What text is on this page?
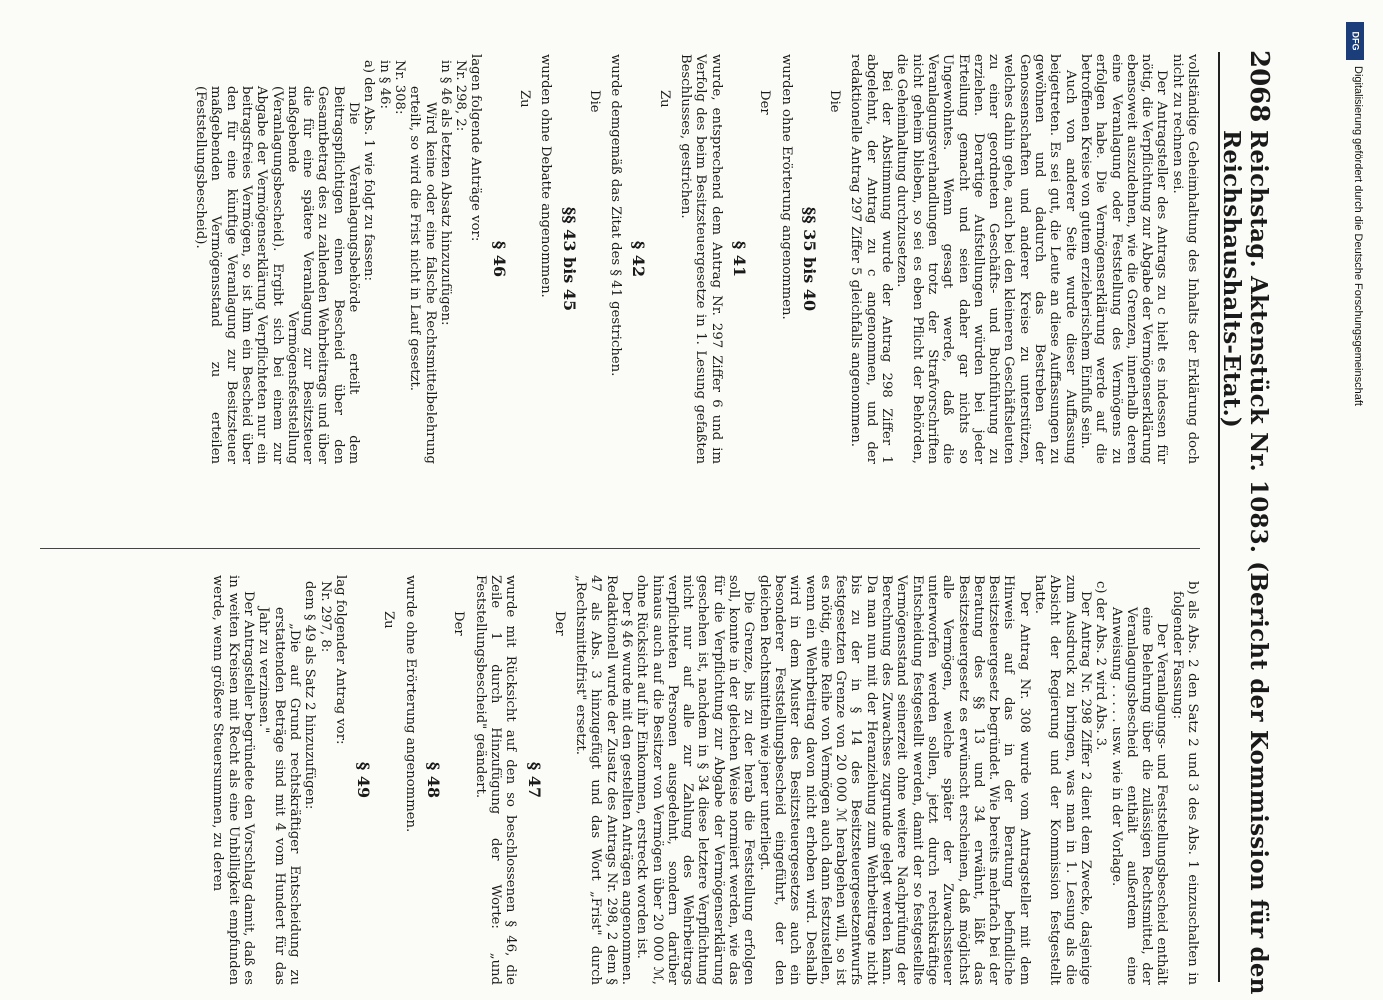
2068
Reichstag. Aktenstück Nr. 1083. (Bericht der Kommission für den Reichshaushalts-Etat.)
vollständige Geheimhaltung des Inhalts der Erklärung doch nicht zu rechnen sei.
Der Antragsteller des Antrags zu c hielt es indessen für nötig, die Verpflichtung zur Abgabe der Vermögenserklärung ebensoweit auszudehnen, wie die Grenzen, innerhalb deren eine Veranlagung oder Feststellung des Vermögens zu erfolgen habe. Die Vermögenserklärung werde auf die betroffenen Kreise von gutem erzieherischem Einfluß sein.
Auch von anderer Seite wurde dieser Auffassung beigetreten. Es sei gut, die Leute an diese Auffassungen zu gewöhnen und dadurch das Bestreben der Genossenschaften und anderer Kreise zu unterstützen, welches dahin gehe, auch bei den kleineren Geschäftsleuten zu einer geordneten Geschäfts- und Buchführung zu erziehen. Derartige Aufstellungen würden bei jeder Erteilung gemacht und seien daher gar nichts so Ungewohntes. Wenn gesagt werde, daß die Veranlagungsverhandlungen trotz der Strafvorschriften nicht geheim blieben, so sei es eben Pflicht der Behörden, die Geheimhaltung durchzusetzen.
Bei der Abstimmung wurde der Antrag 298 Ziffer 1 abgelehnt, der Antrag zu c angenommen, und der redaktionelle Antrag 297 Ziffer 5 gleichfalls angenommen.
Die
§§ 35 bis 40
wurden ohne Erörterung angenommen.
Der
§ 41
wurde, entsprechend dem Antrag Nr. 297 Ziffer 6 und im Verfolg des beim Besitzsteuergesetze in 1. Lesung gefaßten Beschlusses, gestrichen.
Zu
§ 42
wurde demgemäß das Zitat des § 41 gestrichen.
Die
§§ 43 bis 45
wurden ohne Debatte angenommen.
Zu
§ 46
lagen folgende Anträge vor:
Nr. 298, 2:
in § 46 als letzten Absatz hinzuzufügen:
Wird keine oder eine falsche Rechtsmittelbelehrung erteilt, so wird die Frist nicht in Lauf gesetzt.
Nr. 308:
in § 46:
a) den Abs. 1 wie folgt zu fassen:
Die Veranlagungsbehörde erteilt dem Beitragspflichtigen einen Bescheid über den Gesamtbetrag des zu zahlenden Wehrbeitrags und über die für eine spätere Veranlagung zur Besitzsteuer maßgebende Vermögensfeststellung (Veranlagungsbescheid). Ergibt sich bei einem zur Abgabe der Vermögenserklärung Verpflichteten nur ein beitragsfreies Vermögen, so ist ihm ein Bescheid über den für eine künftige Veranlagung zur Besitzsteuer maßgebenden Vermögensstand zu erteilen (Feststellungsbescheid).
b) als Abs. 2 den Satz 2 und 3 des Abs. 1 einzuschalten in folgender Fassung:
Der Veranlagungs- und Feststellungsbescheid enthält eine Belehrung über die zulässigen Rechtsmittel, der Veranlagungsbescheid enthält außerdem eine Anweisung . . . . . usw. wie in der Vorlage.
c) der Abs. 2 wird Abs. 3.
Der Antrag Nr. 298 Ziffer 2 dient dem Zwecke, dasjenige zum Ausdruck zu bringen, was man in 1. Lesung als die Absicht der Regierung und der Kommission festgestellt hatte.
Der Antrag Nr. 308 wurde vom Antragsteller mit dem Hinweis auf das in der Beratung befindliche Besitzsteuergesetz begründet. Wie bereits mehrfach bei der Beratung des §§ 13 und 34 erwähnt, läßt das Besitzsteuergesetz es erwünscht erscheinen, daß möglichst alle Vermögen, welche später der Zuwachssteuer unterworfen werden sollen, jetzt durch rechtskräftige Entscheidung festgestellt werden, damit der so festgestellte Vermögensstand seinerzeit ohne weitere Nachprüfung der Berechnung des Zuwachses zugrunde gelegt werden kann. Da man nun mit der Heranziehung zum Wehrbeitrage nicht bis zu der in § 14 des Besitzsteuergesetzentwurfs festgesetzten Grenze von 20 000 ℳ herabgehen will, so ist es nötig, eine Reihe von Vermögen auch dann festzustellen, wenn ein Wehrbeitrag davon nicht erhoben wird. Deshalb wird in dem Muster des Besitzsteuergesetzes auch ein besonderer Feststellungsbescheid eingeführt, der den gleichen Rechtsmitteln wie jener unterliegt.
Die Grenze, bis zu der herab die Feststellung erfolgen soll, konnte in der gleichen Weise normiert werden, wie das für die Verpflichtung zur Abgabe der Vermögenserklärung geschehen ist, nachdem in § 34 diese letztere Verpflichtung nicht nur auf alle zur Zahlung des Wehrbeitrags verpflichteten Personen ausgedehnt, sondern darüber hinaus auch auf die Besitzer von Vermögen über 20 000 ℳ, ohne Rücksicht auf ihr Einkommen, erstreckt worden ist.
Der § 46 wurde mit den gestellten Anträgen angenommen. Redaktionell wurde der Zusatz des Antrags Nr. 298, 2 dem § 47 als Abs. 3 hinzugefügt und das Wort „Frist" durch „Rechtsmittelfrist" ersetzt.
Der
§ 47
wurde mit Rücksicht auf den so beschlossenen § 46, die Zeile 1 durch Hinzufügung der Worte: „und Feststellungsbescheid" geändert.
Der
§ 48
wurde ohne Erörterung angenommen.
Zu
§ 49
lag folgender Antrag vor:
Nr. 297, 8:
dem § 49 als Satz 2 hinzuzufügen:
„Die auf Grund rechtskräftiger Entscheidung zu erstattenden Beträge sind mit 4 vom Hundert für das Jahr zu verzinsen."
Der Antragsteller begründete den Vorschlag damit, daß es in weiten Kreisen mit Recht als eine Unbilligkeit empfunden werde, wenn größere Steuersummen, zu deren
DFG
Digitalisierung gefördert durch die Deutsche Forschungsgemeinschaft
